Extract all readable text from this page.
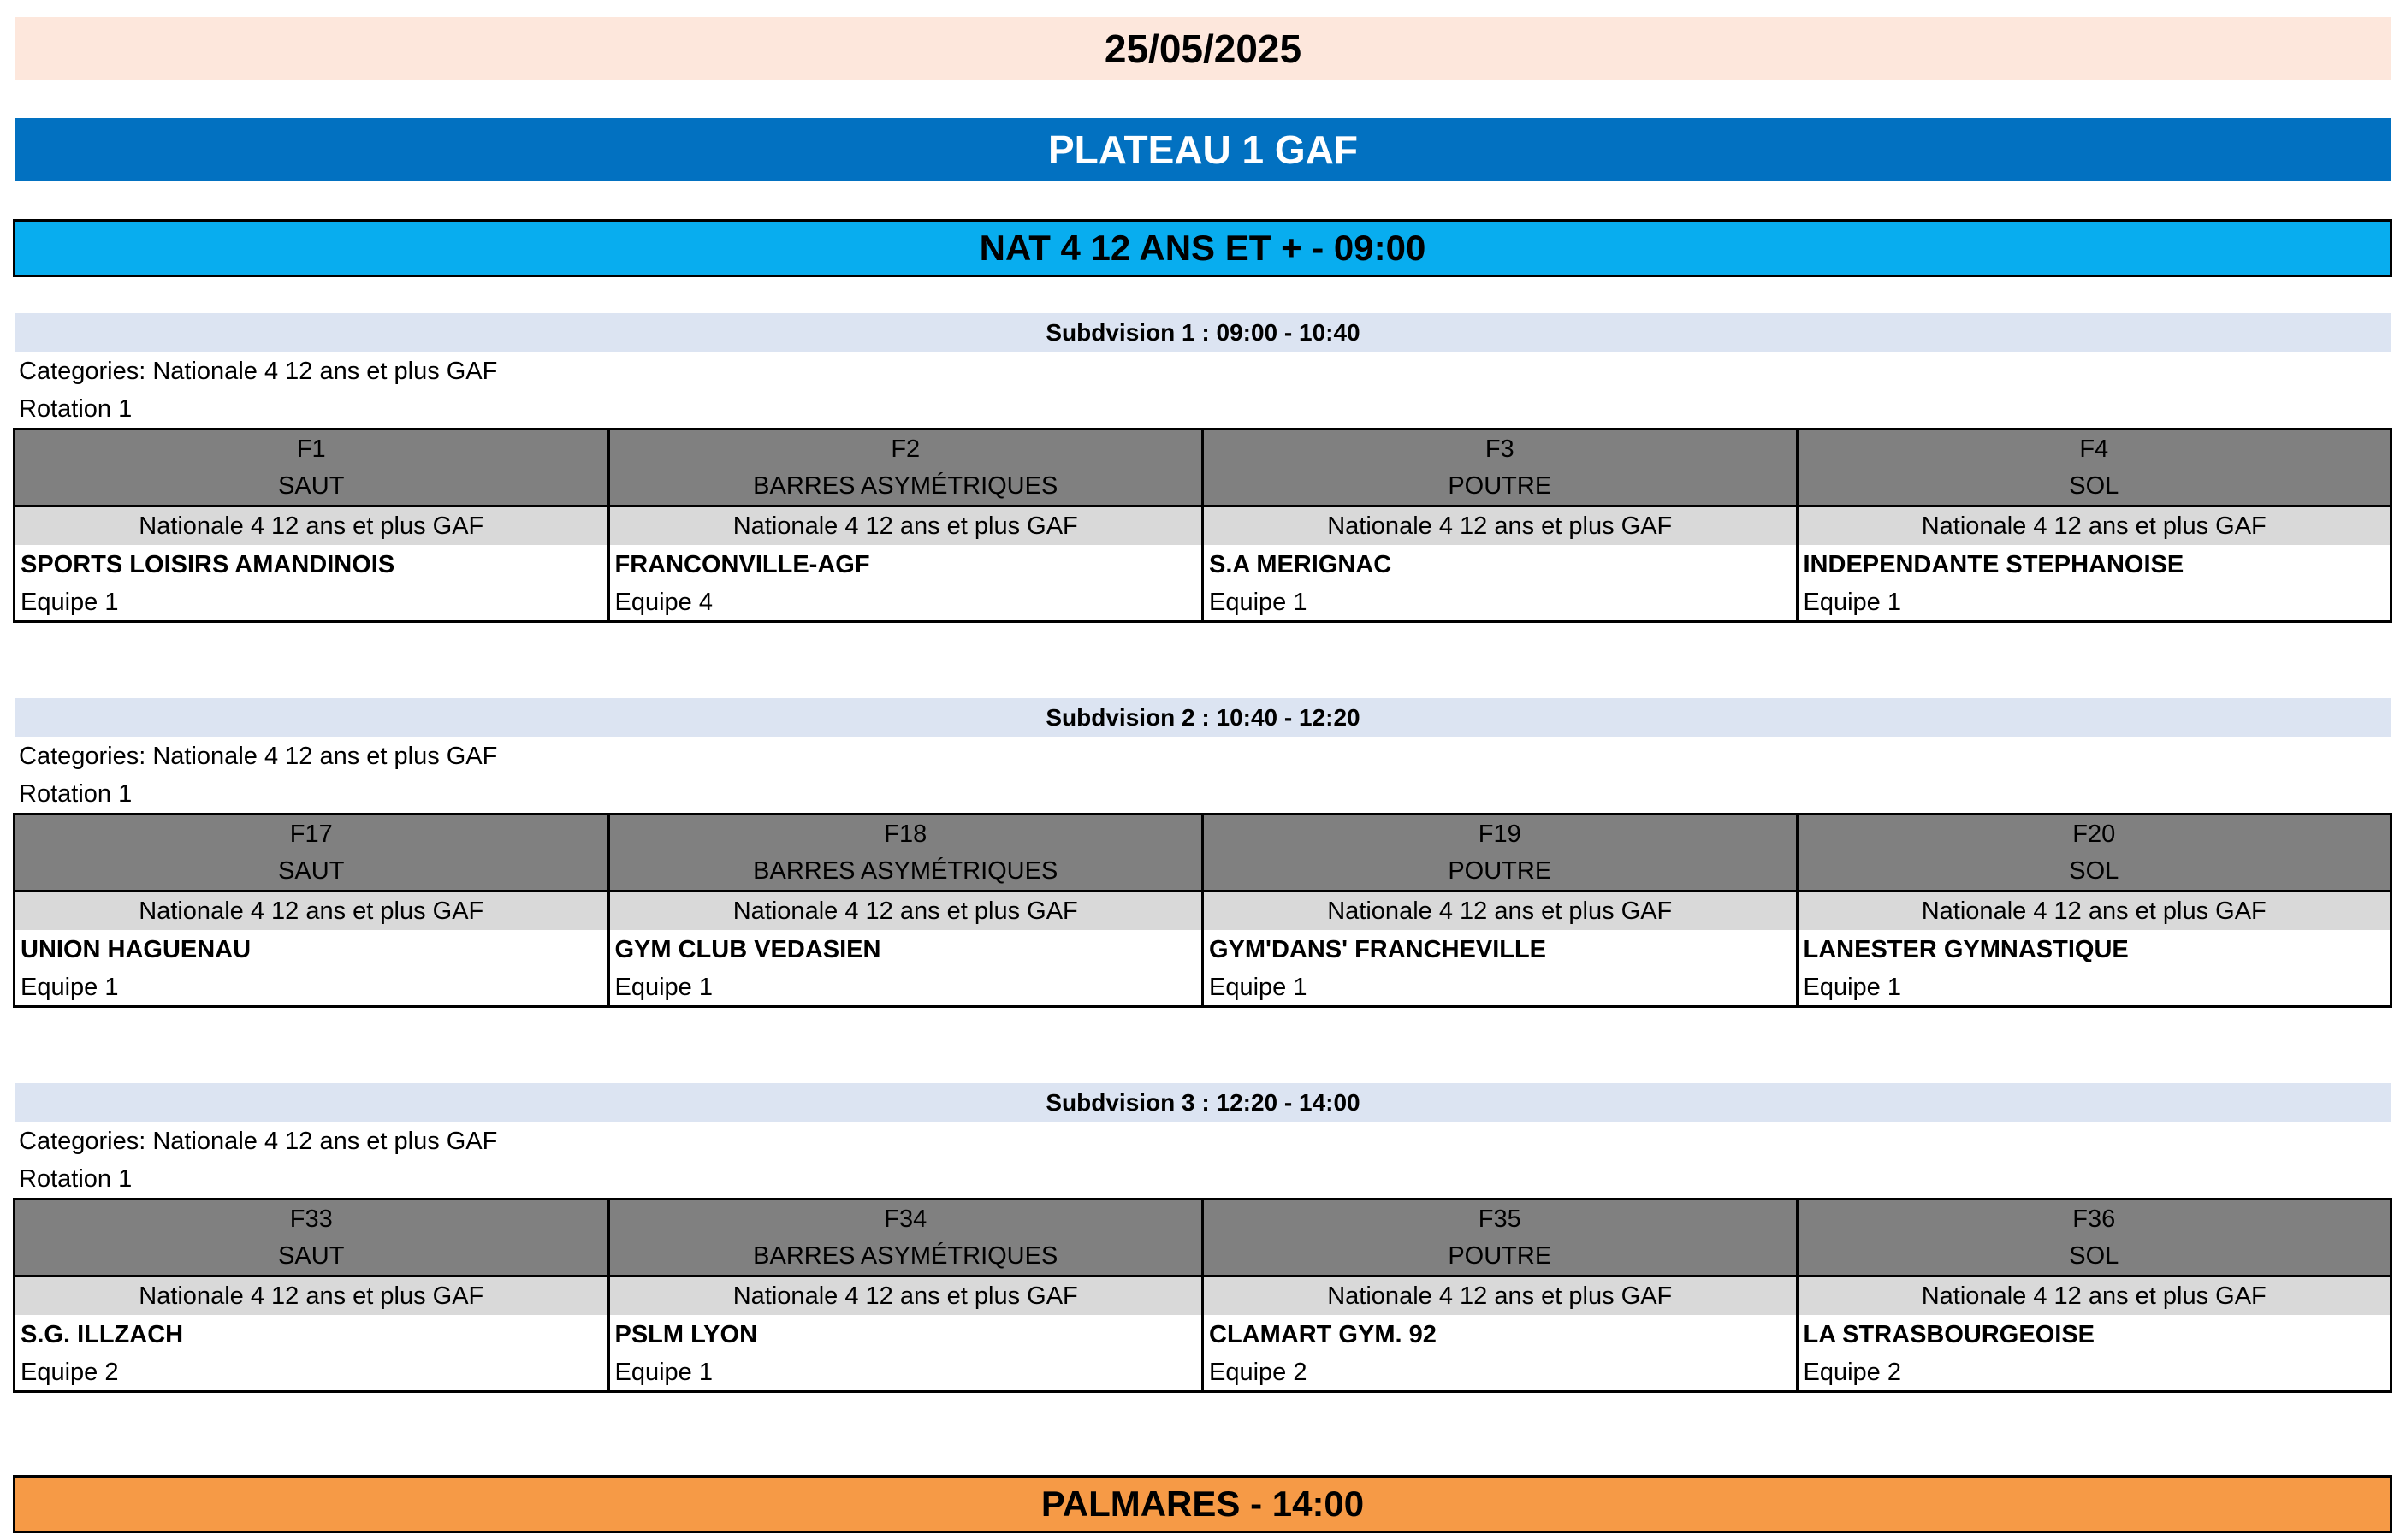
25/05/2025
PLATEAU 1 GAF
NAT 4 12 ANS ET + - 09:00
Subdvision 1 : 09:00 - 10:40
Categories: Nationale 4 12 ans et plus GAF
Rotation 1
F1
SAUT
Nationale 4 12 ans et plus GAF
SPORTS LOISIRS AMANDINOIS
Equipe 1
F2
BARRES ASYMÉTRIQUES
Nationale 4 12 ans et plus GAF
FRANCONVILLE-AGF
Equipe 4
F3
POUTRE
Nationale 4 12 ans et plus GAF
S.A MERIGNAC
Equipe 1
F4
SOL
Nationale 4 12 ans et plus GAF
INDEPENDANTE STEPHANOISE
Equipe 1
Subdvision 2 : 10:40 - 12:20
Categories: Nationale 4 12 ans et plus GAF
Rotation 1
F17
SAUT
Nationale 4 12 ans et plus GAF
UNION HAGUENAU
Equipe 1
F18
BARRES ASYMÉTRIQUES
Nationale 4 12 ans et plus GAF
GYM CLUB VEDASIEN
Equipe 1
F19
POUTRE
Nationale 4 12 ans et plus GAF
GYM'DANS' FRANCHEVILLE
Equipe 1
F20
SOL
Nationale 4 12 ans et plus GAF
LANESTER GYMNASTIQUE
Equipe 1
Subdvision 3 : 12:20 - 14:00
Categories: Nationale 4 12 ans et plus GAF
Rotation 1
F33
SAUT
Nationale 4 12 ans et plus GAF
S.G. ILLZACH
Equipe 2
F34
BARRES ASYMÉTRIQUES
Nationale 4 12 ans et plus GAF
PSLM LYON
Equipe 1
F35
POUTRE
Nationale 4 12 ans et plus GAF
CLAMART GYM. 92
Equipe 2
F36
SOL
Nationale 4 12 ans et plus GAF
LA STRASBOURGEOISE
Equipe 2
PALMARES - 14:00
